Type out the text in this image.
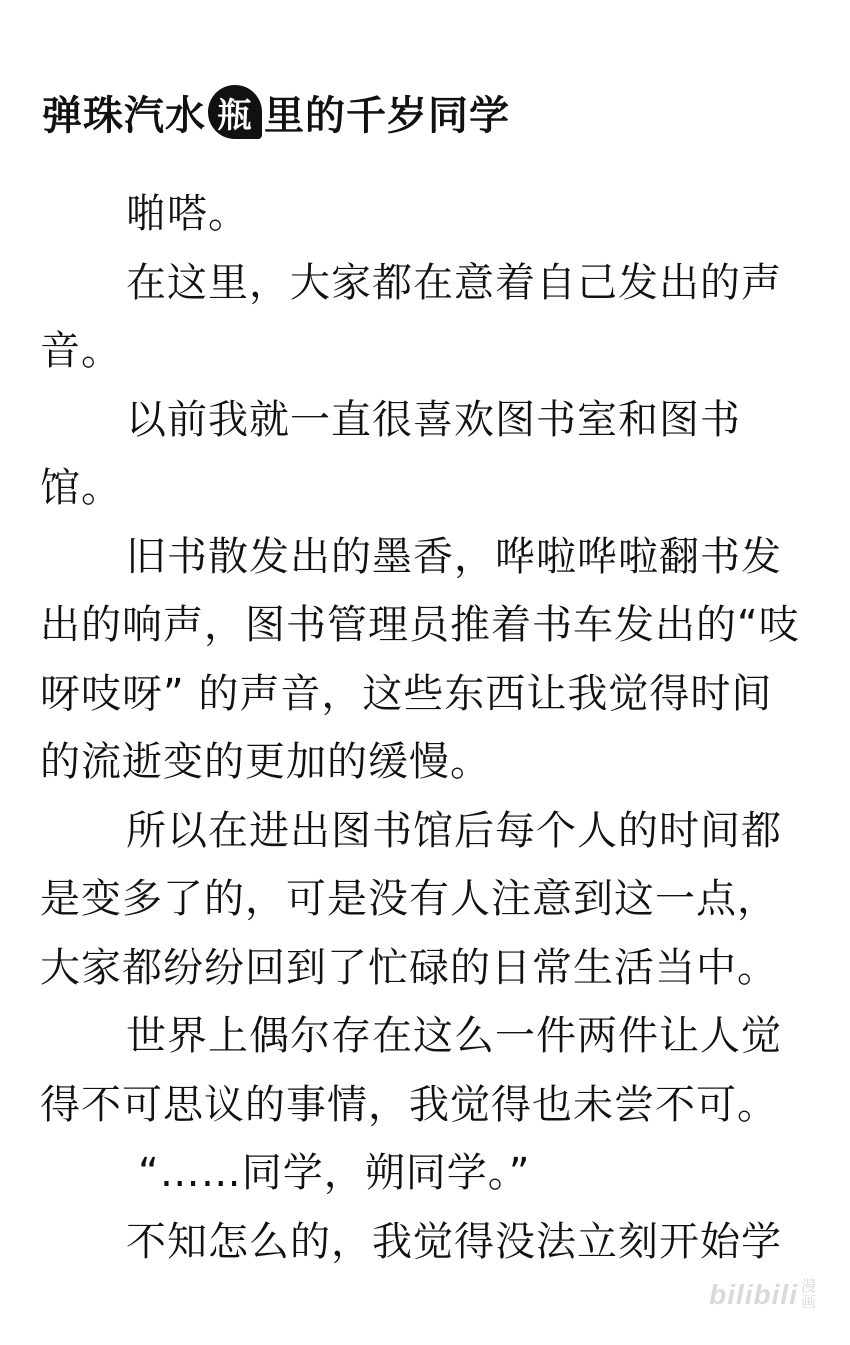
弹珠汽水 瓶 里的千岁同学
啪嗒。
在这里，大家都在意着自己发出的声
音。
以前我就一直很喜欢图书室和图书
馆。
旧书散发出的墨香，哗啦哗啦翻书发
出的响声，图书管理员推着书车发出的“吱
呀吱呀” 的声音，这些东西让我觉得时间
的流逝变的更加的缓慢。
所以在进出图书馆后每个人的时间都
是变多了的，可是没有人注意到这一点，
大家都纷纷回到了忙碌的日常生活当中。
世界上偶尔存在这么一件两件让人觉
得不可思议的事情，我觉得也未尝不可。
“……同学，朔同学。”
不知怎么的，我觉得没法立刻开始学
bilibili 漫
画
